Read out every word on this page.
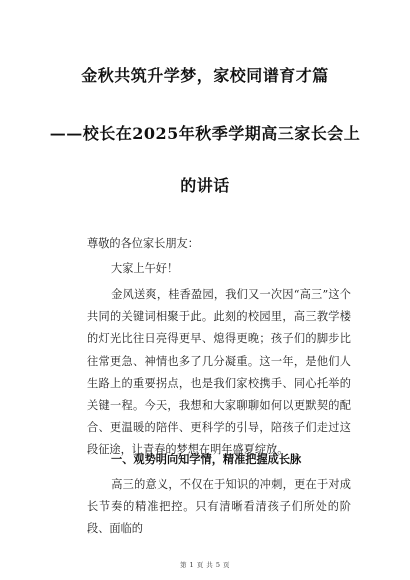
金秋共筑升学梦，家校同谱育才篇
——校长在2025年秋季学期高三家长会上
的讲话
尊敬的各位家长朋友：
大家上午好！
金风送爽，桂香盈园，我们又一次因“高三”这个共同的关键词相聚于此。此刻的校园里，高三教学楼的灯光比往日亮得更早、熄得更晚；孩子们的脚步比往常更急、神情也多了几分凝重。这一年，是他们人生路上的重要拐点，也是我们家校携手、同心托举的关键一程。今天，我想和大家聊聊如何以更默契的配合、更温暖的陪伴、更科学的引导，陪孩子们走过这段征途，让青春的梦想在明年盛夏绽放。
一、观势明向知学情，精准把握成长脉
高三的意义，不仅在于知识的冲刺，更在于对成长节奏的精准把控。只有清晰看清孩子们所处的阶段、面临的
第 1 页 共 5 页
